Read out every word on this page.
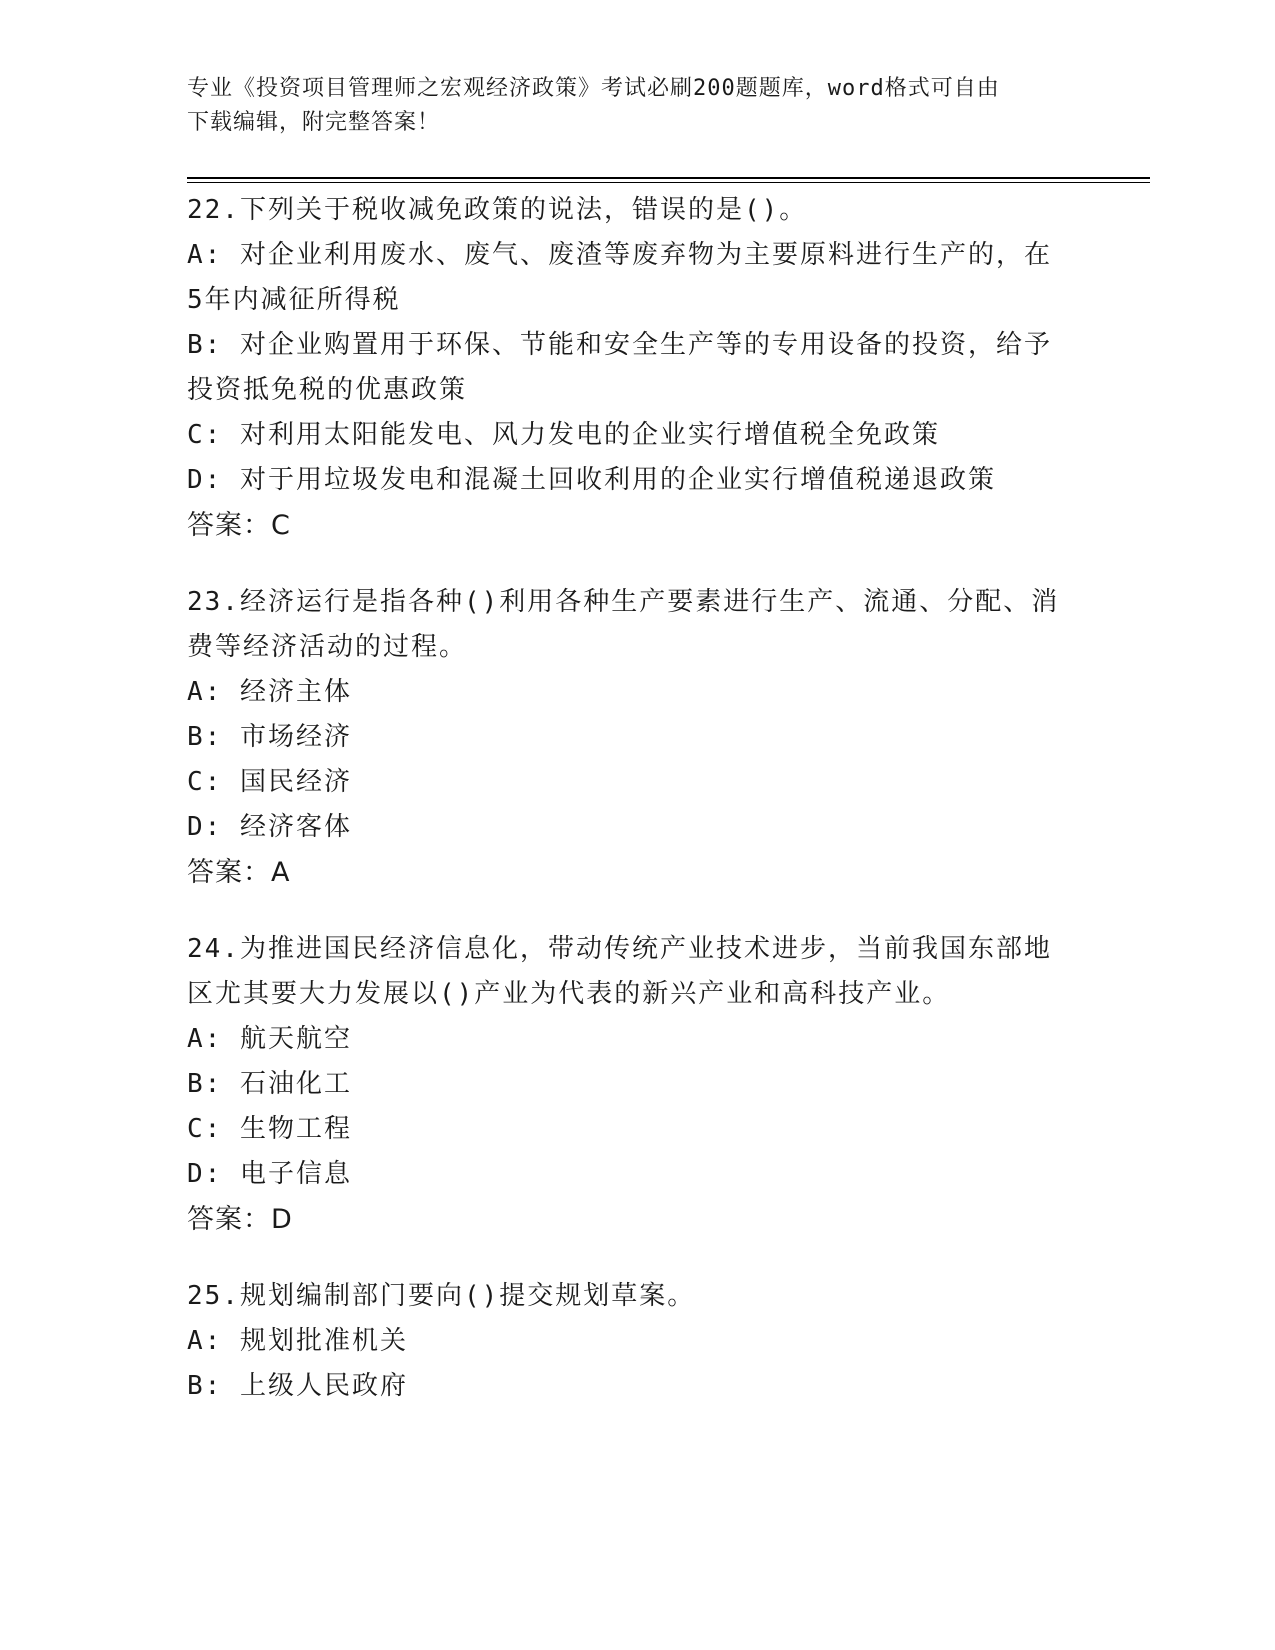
专业《投资项目管理师之宏观经济政策》考试必刷200题题库，word格式可自由
下载编辑，附完整答案！
22.下列关于税收减免政策的说法，错误的是()。
A: 对企业利用废水、废气、废渣等废弃物为主要原料进行生产的，在
5年内减征所得税
B: 对企业购置用于环保、节能和安全生产等的专用设备的投资，给予
投资抵免税的优惠政策
C: 对利用太阳能发电、风力发电的企业实行增值税全免政策
D: 对于用垃圾发电和混凝土回收利用的企业实行增值税递退政策
答案：C
23.经济运行是指各种()利用各种生产要素进行生产、流通、分配、消
费等经济活动的过程。
A: 经济主体
B: 市场经济
C: 国民经济
D: 经济客体
答案：A
24.为推进国民经济信息化，带动传统产业技术进步，当前我国东部地
区尤其要大力发展以()产业为代表的新兴产业和高科技产业。
A: 航天航空
B: 石油化工
C: 生物工程
D: 电子信息
答案：D
25.规划编制部门要向()提交规划草案。
A: 规划批准机关
B: 上级人民政府
